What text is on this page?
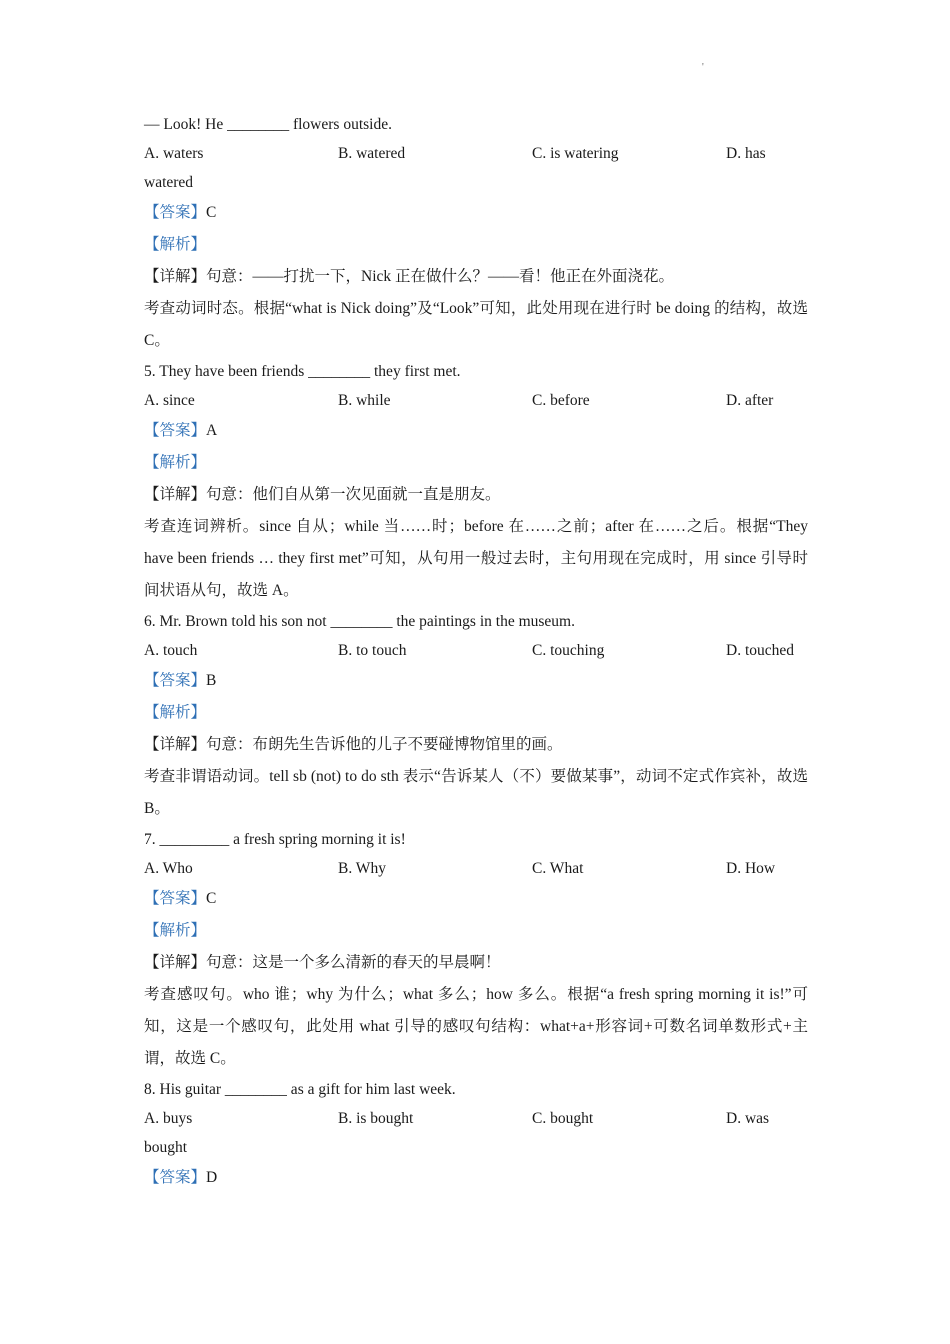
'
— Look! He ________ flowers outside.
A. waters	B. watered	C. is watering	D. has
watered
【答案】C
【解析】
【详解】句意：——打扰一下，Nick 正在做什么？——看！他正在外面浇花。
考查动词时态。根据“what is Nick doing”及“Look”可知，此处用现在进行时 be doing 的结构，故选 C。
5. They have been friends ________ they first met.
A. since	B. while	C. before	D. after
【答案】A
【解析】
【详解】句意：他们自从第一次见面就一直是朋友。
考查连词辨析。since 自从；while 当……时；before 在……之前；after 在……之后。根据“They have been friends … they first met”可知，从句用一般过去时，主句用现在完成时，用 since 引导时间状语从句，故选 A。
6. Mr. Brown told his son not ________ the paintings in the museum.
A. touch	B. to touch	C. touching	D. touched
【答案】B
【解析】
【详解】句意：布朗先生告诉他的儿子不要碰博物馆里的画。
考查非谓语动词。tell sb (not) to do sth 表示“告诉某人（不）要做某事”，动词不定式作宾补，故选 B。
7. _________ a fresh spring morning it is!
A. Who	B. Why	C. What	D. How
【答案】C
【解析】
【详解】句意：这是一个多么清新的春天的早晨啊！
考查感叹句。who 谁；why 为什么；what 多么；how 多么。根据“a fresh spring morning it is!”可知，这是一个感叹句，此处用 what 引导的感叹句结构：what+a+形容词+可数名词单数形式+主谓，故选 C。
8. His guitar ________ as a gift for him last week.
A. buys	B. is bought	C. bought	D. was
bought
【答案】D
